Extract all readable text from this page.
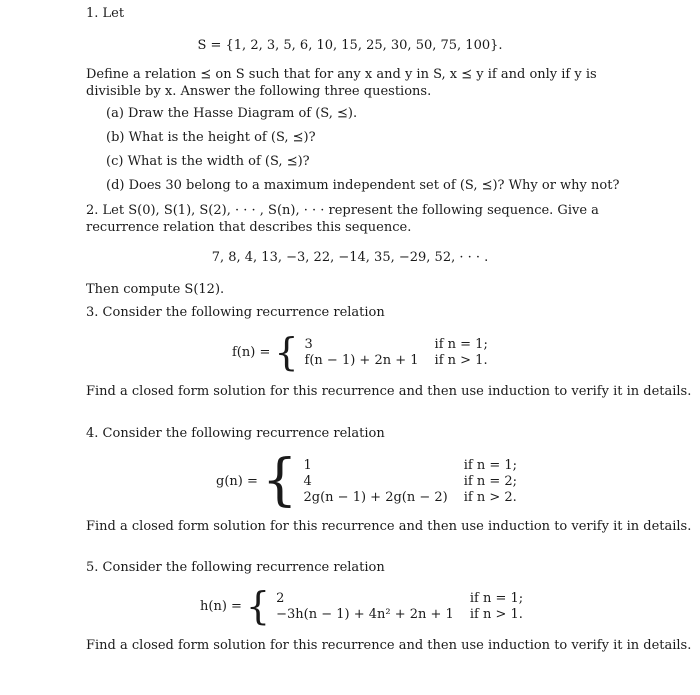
1. Let
S = {1, 2, 3, 5, 6, 10, 15, 25, 30, 50, 75, 100}.
Define a relation ⪯ on S such that for any x and y in S, x ⪯ y if and only if y is divisible by x. Answer the following three questions.
(a) Draw the Hasse Diagram of (S, ⪯).
(b) What is the height of (S, ⪯)?
(c) What is the width of (S, ⪯)?
(d) Does 30 belong to a maximum independent set of (S, ⪯)? Why or why not?
2. Let S(0), S(1), S(2), · · · , S(n), · · · represent the following sequence. Give a recurrence relation that describes this sequence.
7, 8, 4, 13, −3, 22, −14, 35, −29, 52, · · · .
Then compute S(12).
3. Consider the following recurrence relation
f(n) = { 3	if n = 1;
f(n − 1) + 2n + 1 if n > 1.
Find a closed form solution for this recurrence and then use induction to verify it in details.
4. Consider the following recurrence relation
g(n) = { 1	if n = 1;
4	if n = 2;
2g(n − 1) + 2g(n − 2) if n > 2.
Find a closed form solution for this recurrence and then use induction to verify it in details.
5. Consider the following recurrence relation
h(n) = { 2	if n = 1;
−3h(n − 1) + 4n² + 2n + 1 if n > 1.
Find a closed form solution for this recurrence and then use induction to verify it in details.
